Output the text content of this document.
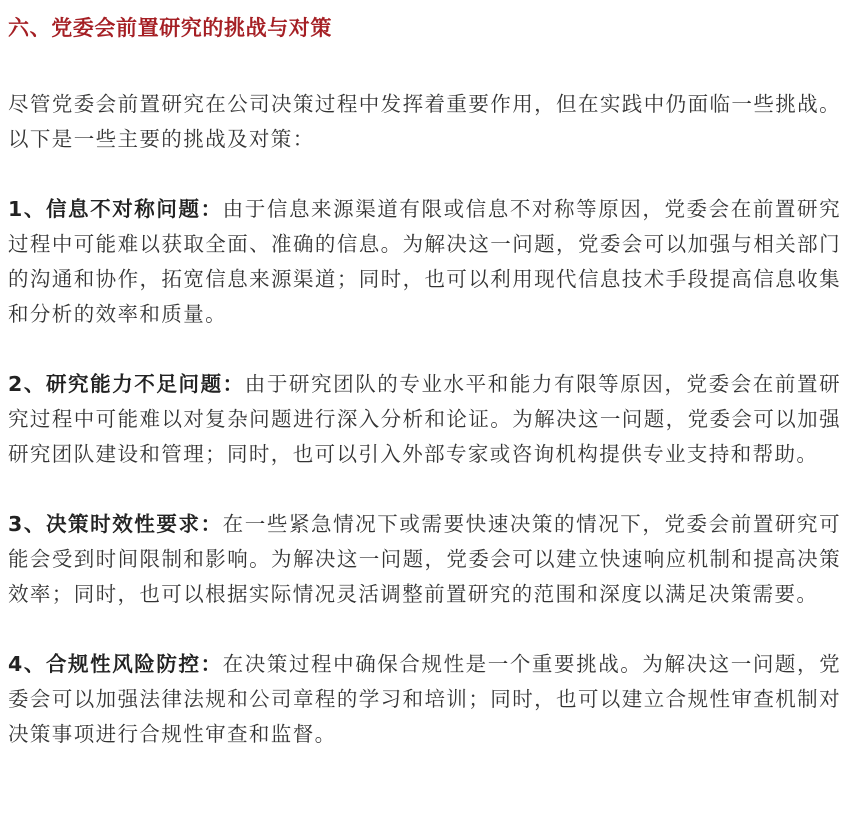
六、党委会前置研究的挑战与对策

尽管党委会前置研究在公司决策过程中发挥着重要作用，但在实践中仍面临一些挑战。以下是一些主要的挑战及对策：

1、信息不对称问题：由于信息来源渠道有限或信息不对称等原因，党委会在前置研究过程中可能难以获取全面、准确的信息。为解决这一问题，党委会可以加强与相关部门的沟通和协作，拓宽信息来源渠道；同时，也可以利用现代信息技术手段提高信息收集和分析的效率和质量。

2、研究能力不足问题：由于研究团队的专业水平和能力有限等原因，党委会在前置研究过程中可能难以对复杂问题进行深入分析和论证。为解决这一问题，党委会可以加强研究团队建设和管理；同时，也可以引入外部专家或咨询机构提供专业支持和帮助。

3、决策时效性要求：在一些紧急情况下或需要快速决策的情况下，党委会前置研究可能会受到时间限制和影响。为解决这一问题，党委会可以建立快速响应机制和提高决策效率；同时，也可以根据实际情况灵活调整前置研究的范围和深度以满足决策需要。

4、合规性风险防控：在决策过程中确保合规性是一个重要挑战。为解决这一问题，党委会可以加强法律法规和公司章程的学习和培训；同时，也可以建立合规性审查机制对决策事项进行合规性审查和监督。
